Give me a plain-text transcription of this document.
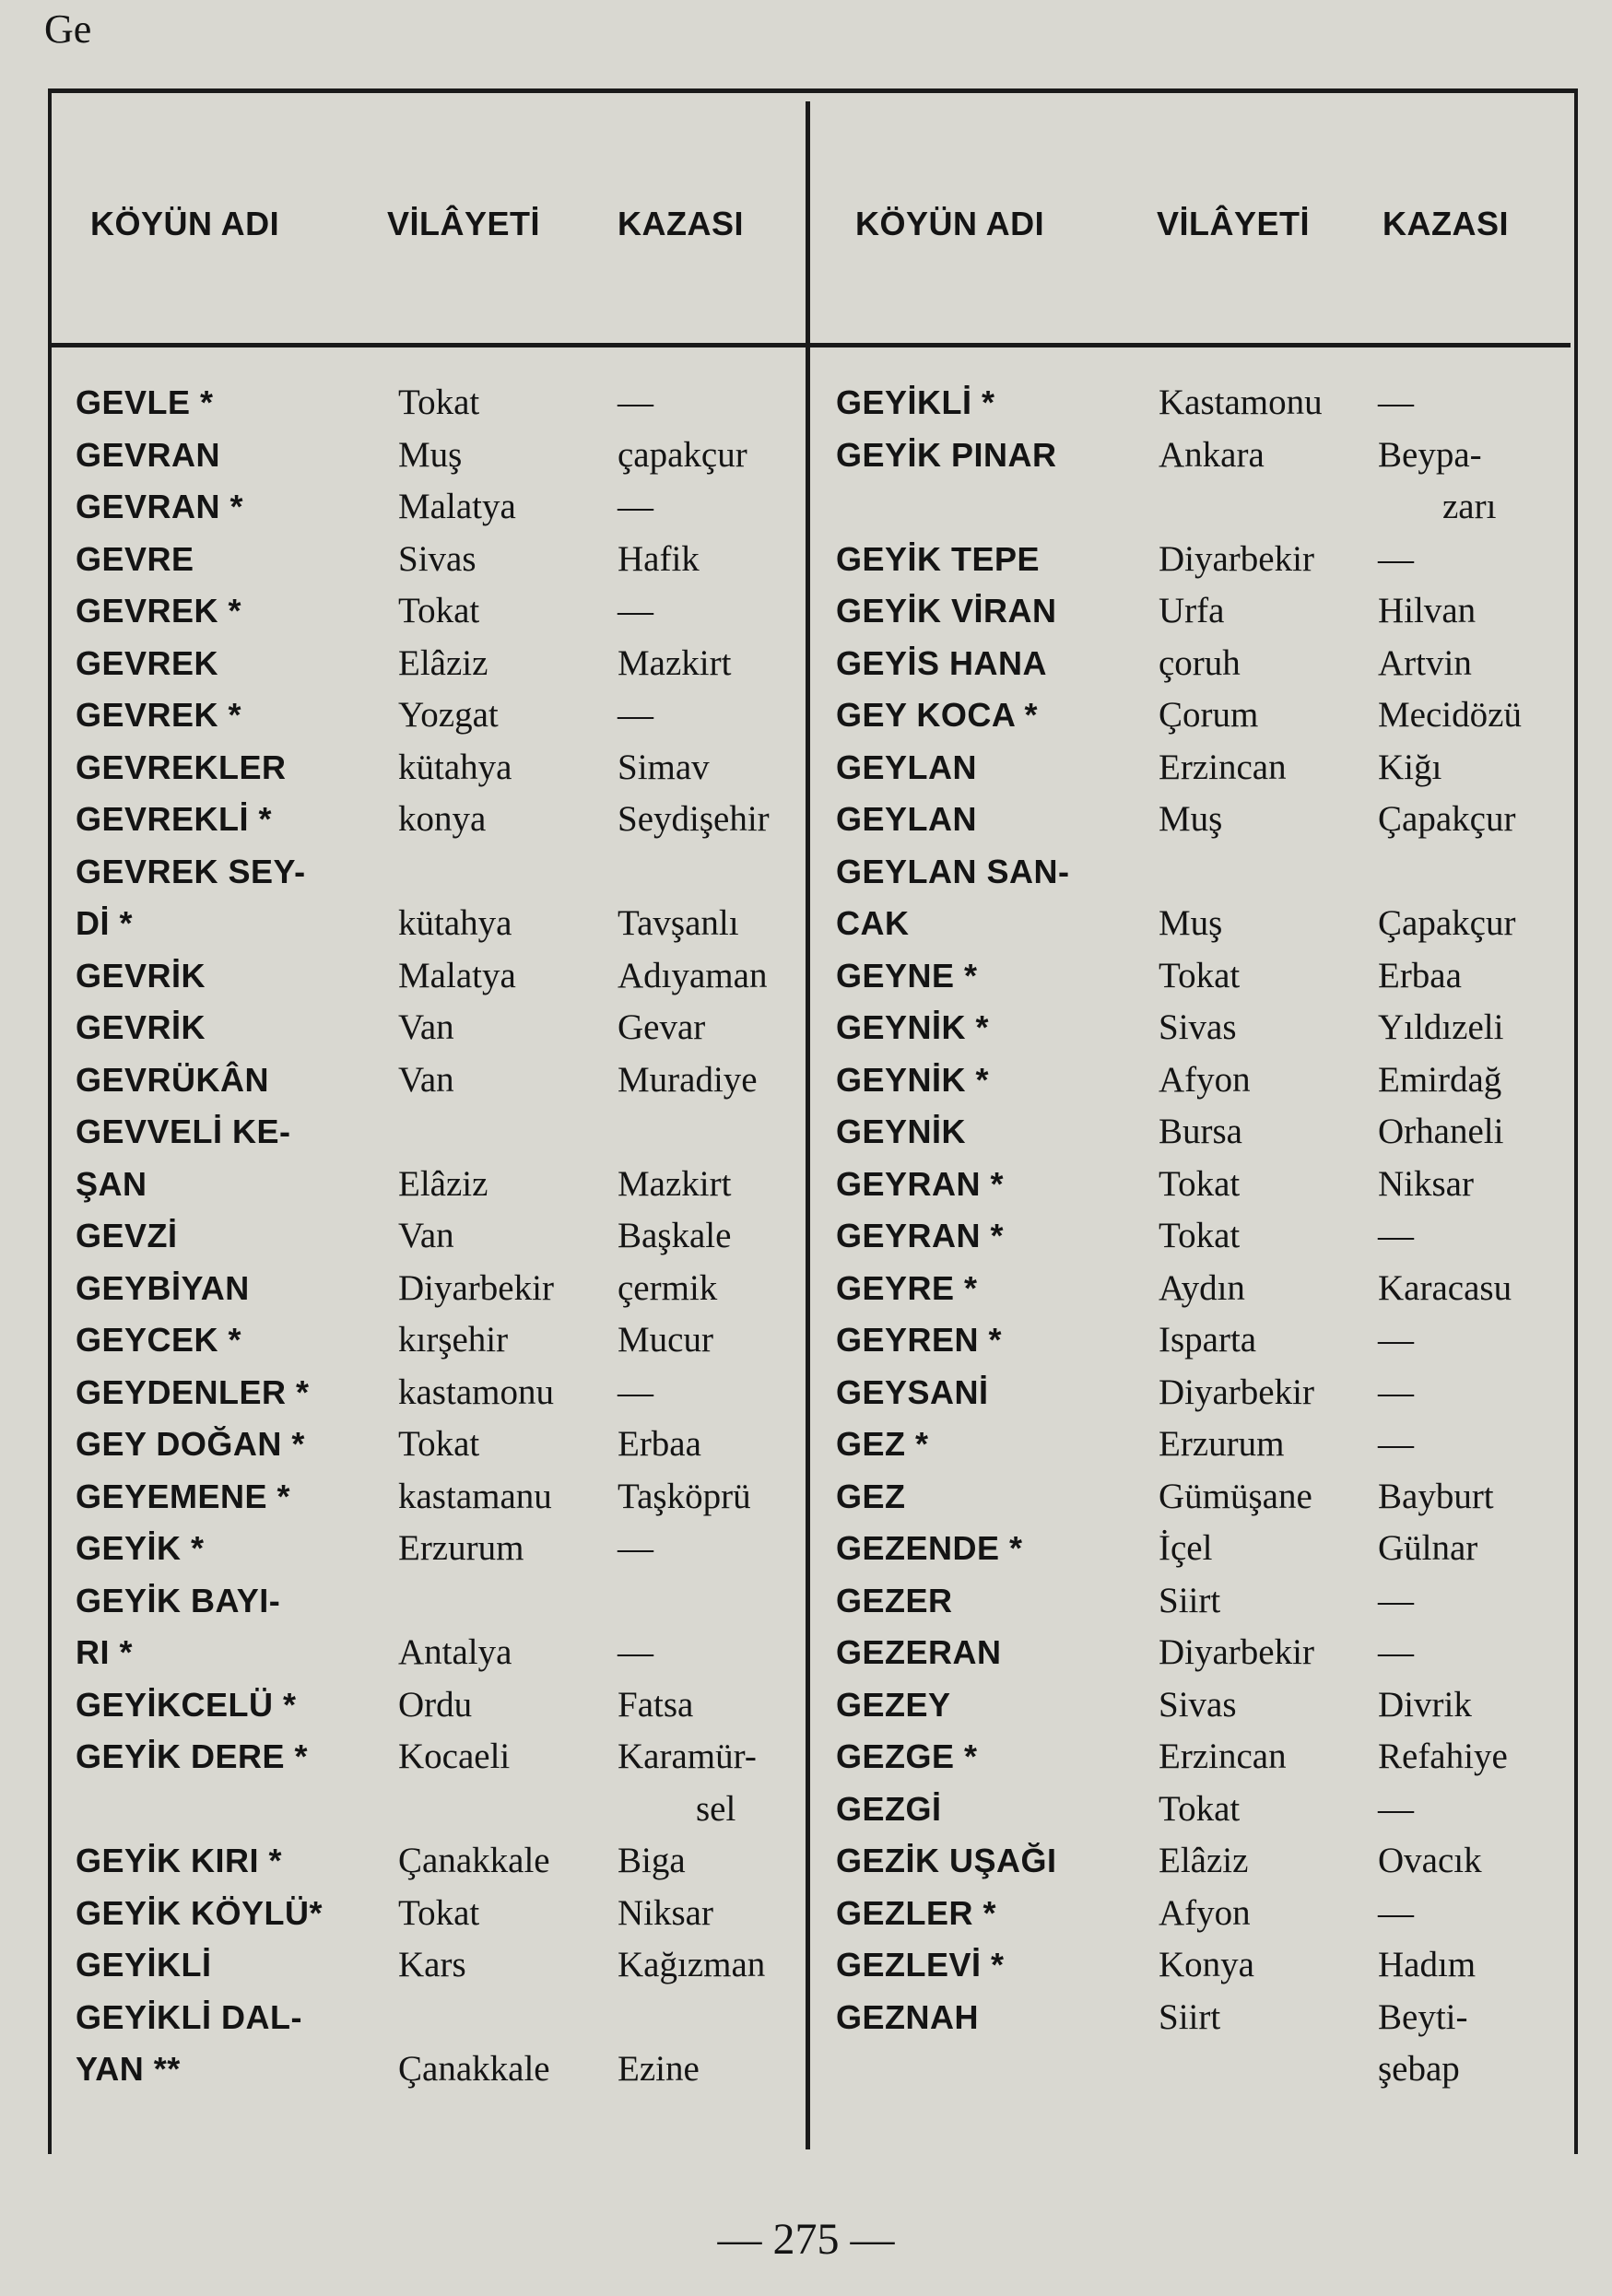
Ge
KÖYÜN ADI	VİLÂYETİ KAZASI	KÖYÜN ADI	VİLÂYETİ KAZASI
GEVLE *	Tokat	—
GEVRAN	Muş	çapakçur
GEVRAN *	Malatya	—
GEVRE	Sivas	Hafik
GEVREK *	Tokat	—
GEVREK	Elâziz	Mazkirt
GEVREK *	Yozgat	—
GEVREKLER	kütahya	Simav
GEVREKLİ *	konya	Seydişehir
GEVREK SEY-
Dİ *	kütahya	Tavşanlı
GEVRİK	Malatya	Adıyaman
GEVRİK	Van	Gevar
GEVRÜKÂN	Van	Muradiye
GEVVELİ KE-
ŞAN	Elâziz	Mazkirt
GEVZİ	Van	Başkale
GEYBİYAN	Diyarbekir çermik
GEYCEK *	kırşehir	Mucur
GEYDENLER * kastamonu —
GEY DOĞAN *	Tokat	Erbaa
GEYEMENE *	kastamanu Taşköprü
GEYİK *	Erzurum	—
GEYİK BAYI-
RI *	Antalya	—
GEYİKCELÜ *	Ordu	Fatsa
GEYİK DERE *	Kocaeli	Karamür-
sel
GEYİK KIRI *	Çanakkale Biga
GEYİK KÖYLÜ* Tokat	Niksar
GEYİKLİ	Kars	Kağızman
GEYİKLİ DAL-
YAN **	Çanakkale Ezine
GEYİKLİ *	Kastamonu —
GEYİK PINAR	Ankara	Beypa-
zarı
GEYİK TEPE	Diyarbekir —
GEYİK VİRAN	Urfa	Hilvan
GEYİS HANA	çoruh	Artvin
GEY KOCA *	Çorum	Mecidözü
GEYLAN	Erzincan	Kiğı
GEYLAN	Muş	Çapakçur
GEYLAN SAN-
CAK	Muş	Çapakçur
GEYNE *	Tokat	Erbaa
GEYNİK *	Sivas	Yıldızeli
GEYNİK *	Afyon	Emirdağ
GEYNİK	Bursa	Orhaneli
GEYRAN *	Tokat	Niksar
GEYRAN *	Tokat	—
GEYRE *	Aydın	Karacasu
GEYREN *	Isparta	—
GEYSANİ	Diyarbekir —
GEZ *	Erzurum	—
GEZ	Gümüşane Bayburt
GEZENDE *	İçel	Gülnar
GEZER	Siirt	—
GEZERAN	Diyarbekir —
GEZEY	Sivas	Divrik
GEZGE *	Erzincan	Refahiye
GEZGİ	Tokat	—
GEZİK UŞAĞI	Elâziz	Ovacık
GEZLER *	Afyon	—
GEZLEVİ *	Konya	Hadım
GEZNAH	Siirt	Beyti-
şebap
— 275 —
